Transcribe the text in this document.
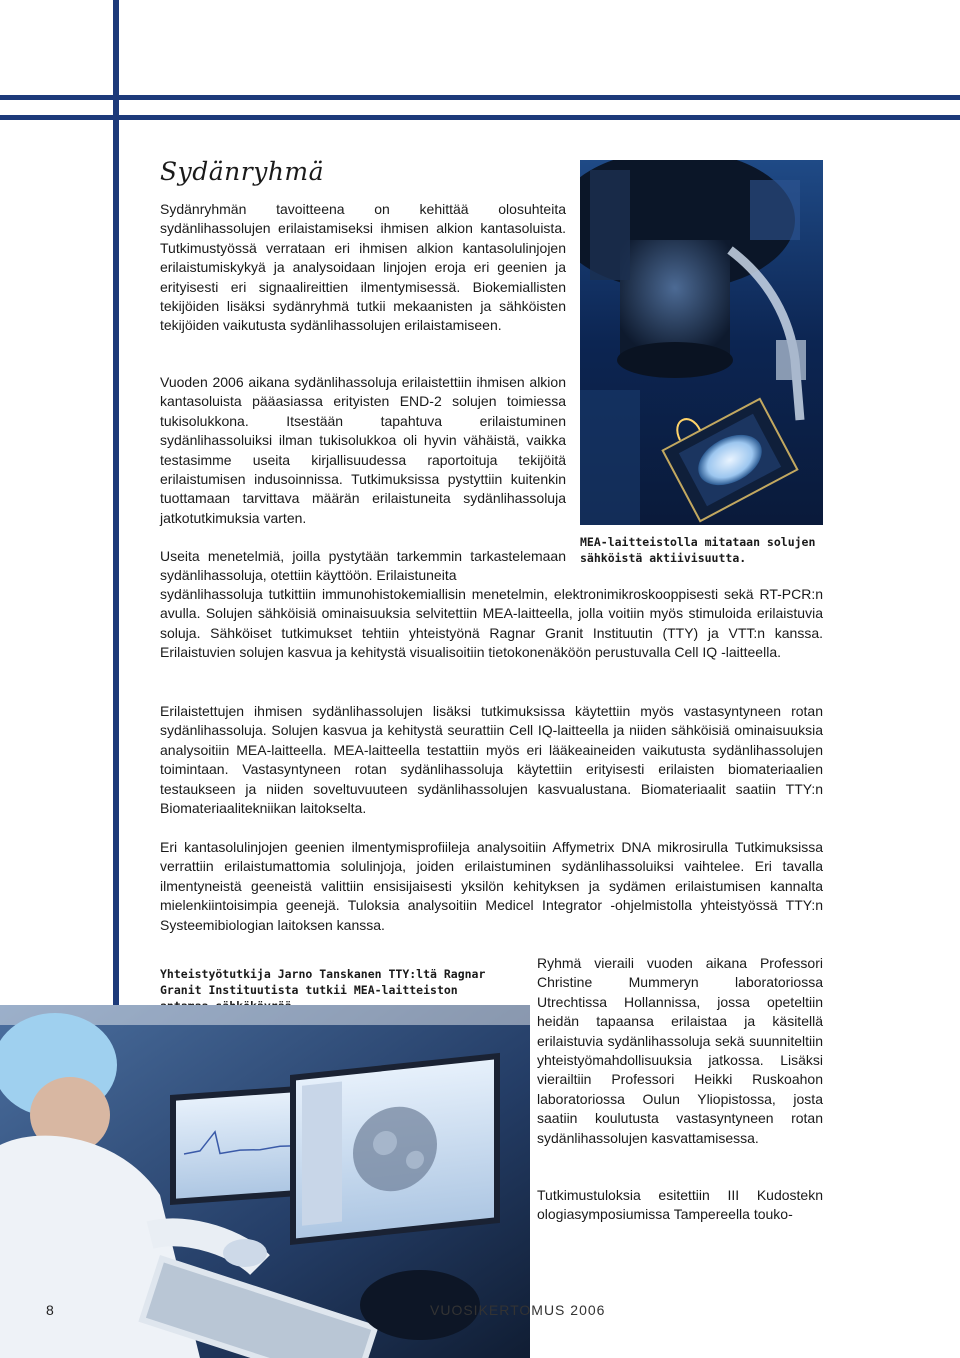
Sydänryhmä

Sydänryhmän tavoitteena on kehittää olosuhteita sydänlihassolujen erilaistamiseksi ihmisen alkion kantasoluista. Tutkimustyössä verrataan eri ihmisen alkion kantasolulinjojen erilaistumiskykyä ja analysoidaan linjojen eroja eri geenien ja erityisesti eri signaalireittien ilmentymisessä. Biokemiallisten tekijöiden lisäksi sydänryhmä tutkii mekaanisten ja sähköisten tekijöiden vaikutusta sydänlihassolujen erilaistamiseen.

Vuoden 2006 aikana sydänlihassoluja erilaistettiin ihmisen alkion kantasoluista pääasiassa erityisten END-2 solujen toimiessa tukisolukkona. Itsestään tapahtuva erilaistuminen sydänlihassoluiksi ilman tukisolukkoa oli hyvin vähäistä, vaikka testasimme useita kirjallisuudessa raportoituja tekijöitä erilaistumisen indusoinnissa. Tutkimuksissa pystyttiin kuitenkin tuottamaan tarvittava määrän erilaistuneita sydänlihassoluja jatkotutkimuksia varten.

Useita menetelmiä, joilla pystytään tarkemmin tarkastelemaan sydänlihassoluja, otettiin käyttöön. Erilaistuneita

sydänlihassoluja tutkittiin immunohistokemiallisin menetelmin, elektronimikroskooppisesti sekä RT-PCR:n avulla. Solujen sähköisiä ominaisuuksia selvitettiin MEA-laitteella, jolla voitiin myös stimuloida erilaistuvia soluja. Sähköiset tutkimukset tehtiin yhteistyönä Ragnar Granit Instituutin (TTY) ja VTT:n kanssa. Erilaistuvien solujen kasvua ja kehitystä visualisoitiin tietokonenäköön perustuvalla Cell IQ -laitteella.

Erilaistettujen ihmisen sydänlihassolujen lisäksi tutkimuksissa käytettiin myös vastasyntyneen rotan sydänlihassoluja. Solujen kasvua ja kehitystä seurattiin Cell IQ-laitteella ja niiden sähköisiä ominaisuuksia analysoitiin MEA-laitteella. MEA-laitteella testattiin myös eri lääkeaineiden vaikutusta sydänlihassolujen toimintaan. Vastasyntyneen rotan sydänlihassoluja käytettiin erityisesti erilaisten biomateriaalien testaukseen ja niiden soveltuvuuteen sydänlihassolujen kasvualustana. Biomateriaalit saatiin TTY:n Biomateriaalitekniikan laitokselta.

Eri kantasolulinjojen geenien ilmentymisprofiileja analysoitiin Affymetrix DNA mikrosirulla Tutkimuksissa verrattiin erilaistumattomia solulinjoja, joiden erilaistuminen sydänlihassoluiksi vaihtelee. Eri tavalla ilmentyneistä geeneistä valittiin ensisijaisesti yksilön kehityksen ja sydämen erilaistumisen kannalta mielenkiintoisimpia geenejä. Tuloksia analysoitiin Medicel Integrator -ohjelmistolla yhteistyössä TTY:n Systeemibiologian laitoksen kanssa.

Ryhmä vieraili vuoden aikana Professori Christine Mummeryn laboratoriossa Utrechtissa Hollannissa, jossa opeteltiin heidän tapaansa erilaistaa ja käsitellä erilaistuvia sydänlihassoluja sekä suunniteltiin yhteistyömahdollisuuksia jatkossa. Lisäksi vierailtiin Professori Heikki Ruskoahon laboratoriossa Oulun Yliopistossa, josta saatiin koulutusta vastasyntyneen rotan sydänlihassolujen kasvattamisessa.

Tutkimustuloksia esitettiin III Kudostekn ologiasymposiumissa Tampereella touko-

MEA-laitteistolla mitataan solujen sähköistä aktiivisuutta.
Yhteistyötutkija Jarno Tanskanen TTY:ltä Ragnar Granit Instituutista tutkii MEA-laitteiston
8	VUOSIKERTOMUS 2006
